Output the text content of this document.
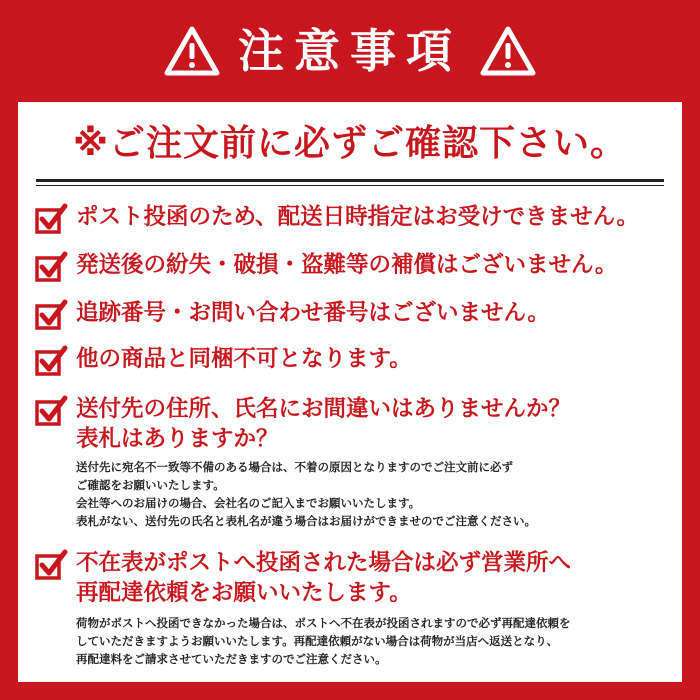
注意事項
※ご注文前に必ずご確認下さい。
ポスト投函のため、配送日時指定はお受けできません。
発送後の紛失・破損・盗難等の補償はございません。
追跡番号・お問い合わせ番号はございません。
他の商品と同梱不可となります。
送付先の住所、氏名にお間違いはありませんか？
表札はありますか？
送付先に宛名不一致等不備のある場合は、不着の原因となりますのでご注文前に必ず
ご確認をお願いいたします。
会社等へのお届けの場合、会社名のご記入までお願いいたします。
表札がない、送付先の氏名と表札名が違う場合はお届けができませのでご注意ください。
不在表がポストへ投函された場合は必ず営業所へ
再配達依頼をお願いいたします。
荷物がポストへ投函できなかった場合は、ポストへ不在表が投函されますので必ず再配達依頼を
していただきますようお願いいたします。再配達依頼がない場合は荷物が当店へ返送となり、
再配達料をご請求させていただきますのでご注意ください。
